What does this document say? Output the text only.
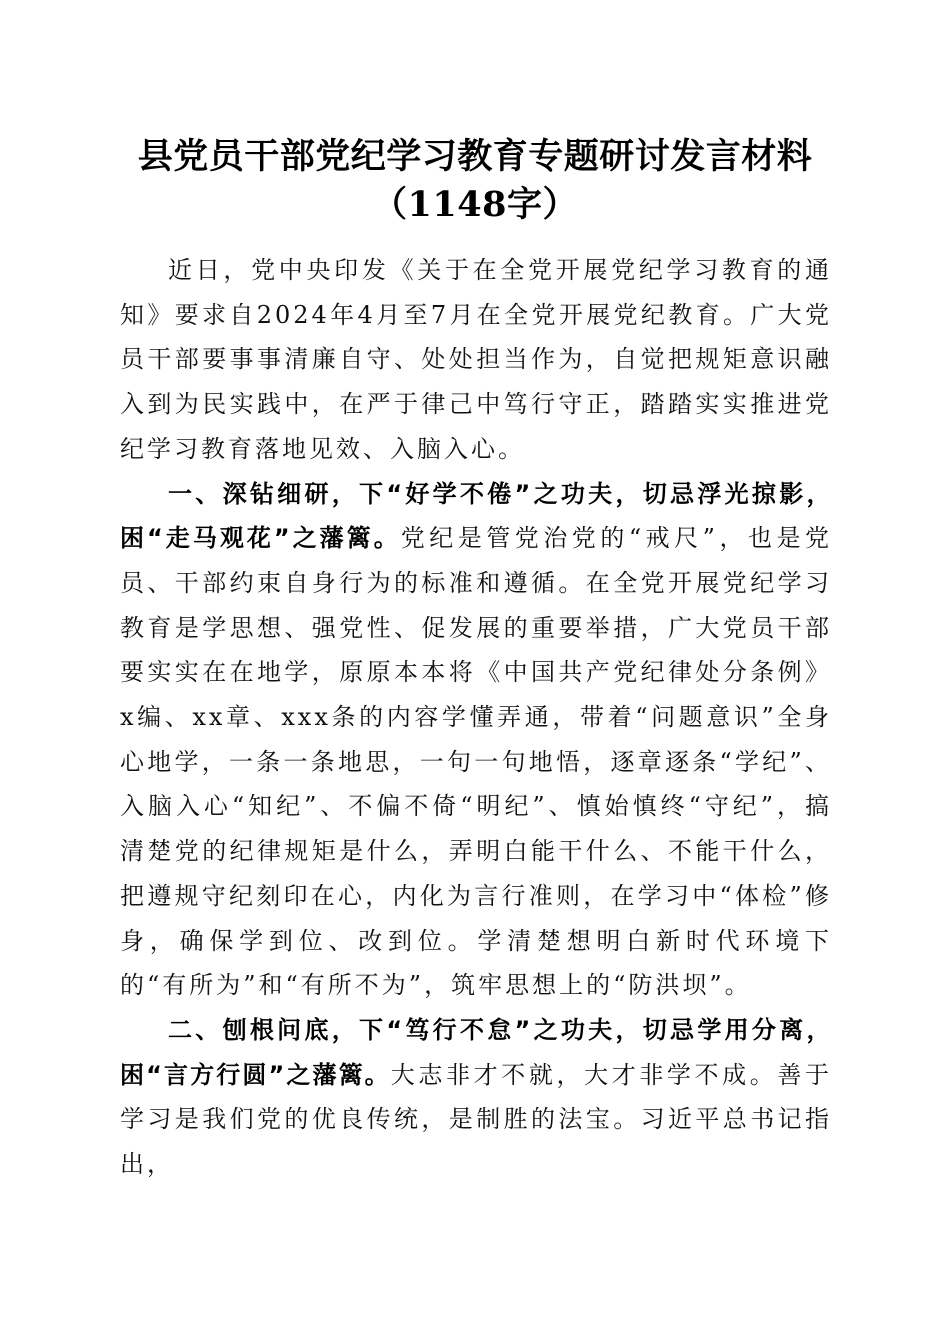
县党员干部党纪学习教育专题研讨发言材料
（1148字）

近日，党中央印发《关于在全党开展党纪学习教育的通知》要求自2024年4月至7月在全党开展党纪教育。广大党员干部要事事清廉自守、处处担当作为，自觉把规矩意识融入到为民实践中，在严于律己中笃行守正，踏踏实实推进党纪学习教育落地见效、入脑入心。

一、深钻细研，下“好学不倦”之功夫，切忌浮光掠影，困“走马观花”之藩篱。党纪是管党治党的“戒尺”，也是党员、干部约束自身行为的标准和遵循。在全党开展党纪学习教育是学思想、强党性、促发展的重要举措，广大党员干部要实实在在地学，原原本本将《中国共产党纪律处分条例》x编、xx章、xxx条的内容学懂弄通，带着“问题意识”全身心地学，一条一条地思，一句一句地悟，逐章逐条“学纪”、入脑入心“知纪”、不偏不倚“明纪”、慎始慎终“守纪”，搞清楚党的纪律规矩是什么，弄明白能干什么、不能干什么，把遵规守纪刻印在心，内化为言行准则，在学习中“体检”修身，确保学到位、改到位。学清楚想明白新时代环境下的“有所为”和“有所不为”，筑牢思想上的“防洪坝”。

二、刨根问底，下“笃行不怠”之功夫，切忌学用分离，困“言方行圆”之藩篱。大志非才不就，大才非学不成。善于学习是我们党的优良传统，是制胜的法宝。习近平总书记指出，
